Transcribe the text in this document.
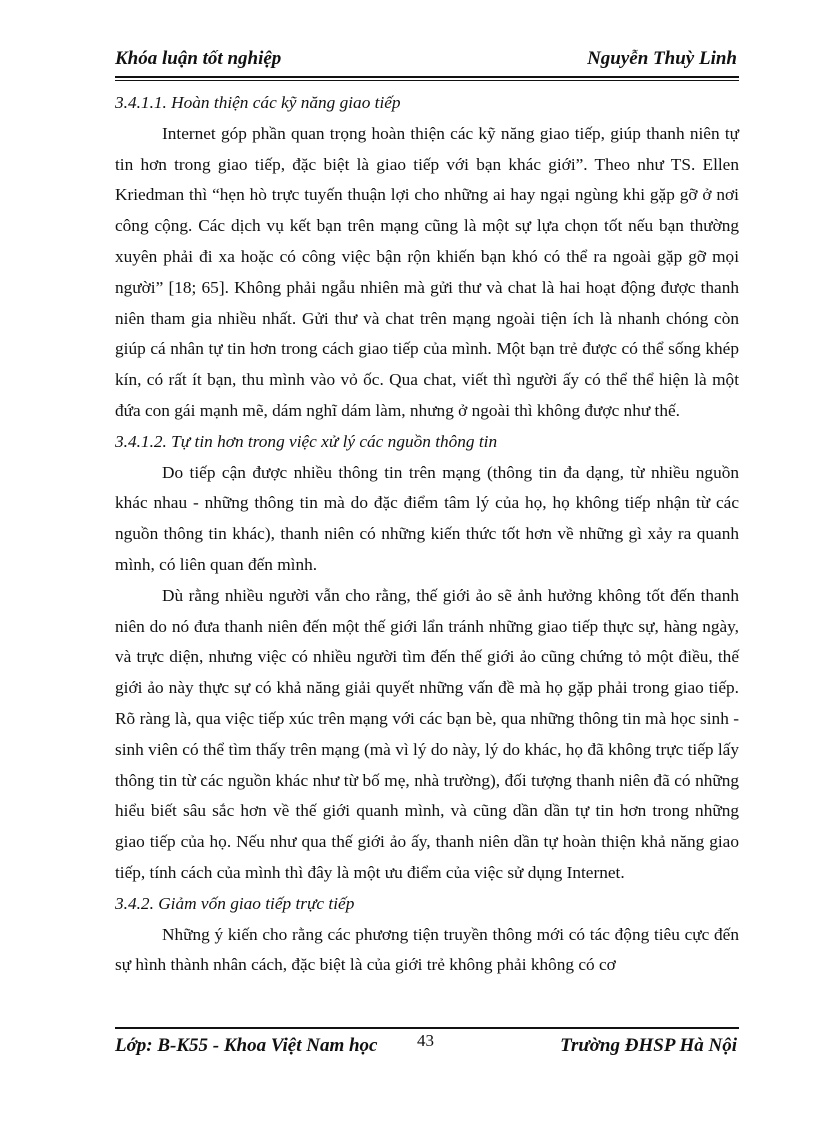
Khóa luận tốt nghiệp	Nguyễn Thuỳ Linh
3.4.1.1. Hoàn thiện các kỹ năng giao tiếp
Internet góp phần quan trọng hoàn thiện các kỹ năng giao tiếp, giúp thanh niên tự tin hơn trong giao tiếp, đặc biệt là giao tiếp với bạn khác giới”. Theo như TS. Ellen Kriedman thì “hẹn hò trực tuyến thuận lợi cho những ai hay ngại ngùng khi gặp gỡ ở nơi công cộng. Các dịch vụ kết bạn trên mạng cũng là một sự lựa chọn tốt nếu bạn thường xuyên phải đi xa hoặc có công việc bận rộn khiến bạn khó có thể ra ngoài gặp gỡ mọi người” [18; 65]. Không phải ngẫu nhiên mà gửi thư và chat là hai hoạt động được thanh niên tham gia nhiều nhất. Gửi thư và chat trên mạng ngoài tiện ích là nhanh chóng còn giúp cá nhân tự tin hơn trong cách giao tiếp của mình. Một bạn trẻ được có thể sống khép kín, có rất ít bạn, thu mình vào vỏ ốc. Qua chat, viết thì người ấy có thể thể hiện là một đứa con gái mạnh mẽ, dám nghĩ dám làm, nhưng ở ngoài thì không được như thế.
3.4.1.2. Tự tin hơn trong việc xử lý các nguồn thông tin
Do tiếp cận được nhiều thông tin trên mạng (thông tin đa dạng, từ nhiều nguồn khác nhau - những thông tin mà do đặc điểm tâm lý của họ, họ không tiếp nhận từ các nguồn thông tin khác), thanh niên có những kiến thức tốt hơn về những gì xảy ra quanh mình, có liên quan đến mình.
Dù rằng nhiều người vẫn cho rằng, thế giới ảo sẽ ảnh hưởng không tốt đến thanh niên do nó đưa thanh niên đến một thế giới lẩn tránh những giao tiếp thực sự, hàng ngày, và trực diện, nhưng việc có nhiều người tìm đến thế giới ảo cũng chứng tỏ một điều, thế giới ảo này thực sự có khả năng giải quyết những vấn đề mà họ gặp phải trong giao tiếp. Rõ ràng là, qua việc tiếp xúc trên mạng với các bạn bè, qua những thông tin mà học sinh - sinh viên có thể tìm thấy trên mạng (mà vì lý do này, lý do khác, họ đã không trực tiếp lấy thông tin từ các nguồn khác như từ bố mẹ, nhà trường), đối tượng thanh niên đã có những hiểu biết sâu sắc hơn về thế giới quanh mình, và cũng dần dần tự tin hơn trong những giao tiếp của họ. Nếu như qua thế giới ảo ấy, thanh niên dần tự hoàn thiện khả năng giao tiếp, tính cách của mình thì đây là một ưu điểm của việc sử dụng Internet.
3.4.2. Giảm vốn giao tiếp trực tiếp
Những ý kiến cho rằng các phương tiện truyền thông mới có tác động tiêu cực đến sự hình thành nhân cách, đặc biệt là của giới trẻ không phải không có cơ
Lớp: B-K55 - Khoa Việt Nam học 43	Trường ĐHSP Hà Nội
